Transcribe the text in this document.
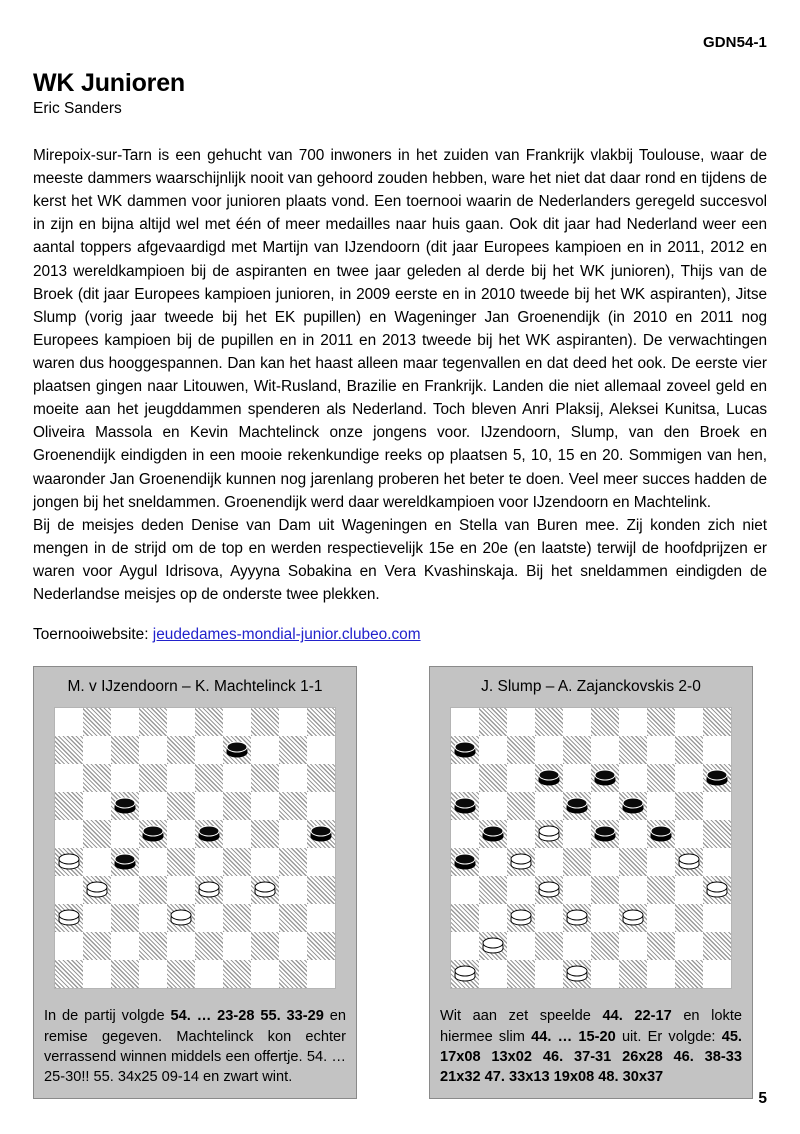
GDN54-1
WK Junioren
Eric Sanders

Mirepoix-sur-Tarn is een gehucht van 700 inwoners in het zuiden van Frankrijk vlakbij Toulouse, waar de meeste dammers waarschijnlijk nooit van gehoord zouden hebben, ware het niet dat daar rond en tijdens de kerst het WK dammen voor junioren plaats vond. Een toernooi waarin de Nederlanders geregeld succesvol in zijn en bijna altijd wel met één of meer medailles naar huis gaan. Ook dit jaar had Nederland weer een aantal toppers afgevaardigd met Martijn van IJzendoorn (dit jaar Europees kampioen en in 2011, 2012 en 2013 wereldkampioen bij de aspiranten en twee jaar geleden al derde bij het WK junioren), Thijs van de Broek (dit jaar Europees kampioen junioren, in 2009 eerste en in 2010 tweede bij het WK aspiranten), Jitse Slump (vorig jaar tweede bij het EK pupillen) en Wageninger Jan Groenendijk (in 2010 en 2011 nog Europees kampioen bij de pupillen en in 2011 en 2013 tweede bij het WK aspiranten). De verwachtingen waren dus hooggespannen. Dan kan het haast alleen maar tegenvallen en dat deed het ook. De eerste vier plaatsen gingen naar Litouwen, Wit-Rusland, Brazilie en Frankrijk. Landen die niet allemaal zoveel geld en moeite aan het jeugddammen spenderen als Nederland. Toch bleven Anri Plaksij, Aleksei Kunitsa, Lucas Oliveira Massola en Kevin Machtelinck onze jongens voor. IJzendoorn, Slump, van den Broek en Groenendijk eindigden in een mooie rekenkundige reeks op plaatsen 5, 10, 15 en 20. Sommigen van hen, waaronder Jan Groenendijk kunnen nog jarenlang proberen het beter te doen. Veel meer succes hadden de jongen bij het sneldammen. Groenendijk werd daar wereldkampioen voor IJzendoorn en Machtelink.

Bij de meisjes deden Denise van Dam uit Wageningen en Stella van Buren mee. Zij konden zich niet mengen in de strijd om de top en werden respectievelijk 15e en 20e (en laatste) terwijl de hoofdprijzen er waren voor Aygul Idrisova, Ayyyna Sobakina en Vera Kvashinskaja. Bij het sneldammen eindigden de Nederlandse meisjes op de onderste twee plekken.

Toernooiwebsite: jeudedames-mondial-junior.clubeo.com

M. v IJzendoorn – K. Machtelinck 1-1
In de partij volgde 54. … 23-28 55. 33-29 en remise gegeven. Machtelinck kon echter verrassend winnen middels een offertje. 54. … 25-30!! 55. 34x25 09-14 en zwart wint.
J. Slump – A. Zajanckovskis 2-0
Wit aan zet speelde 44. 22-17 en lokte hiermee slim 44. … 15-20 uit. Er volgde: 45. 17x08 13x02 46. 37-31 26x28 46. 38-33 21x32 47. 33x13 19x08 48. 30x37
5
